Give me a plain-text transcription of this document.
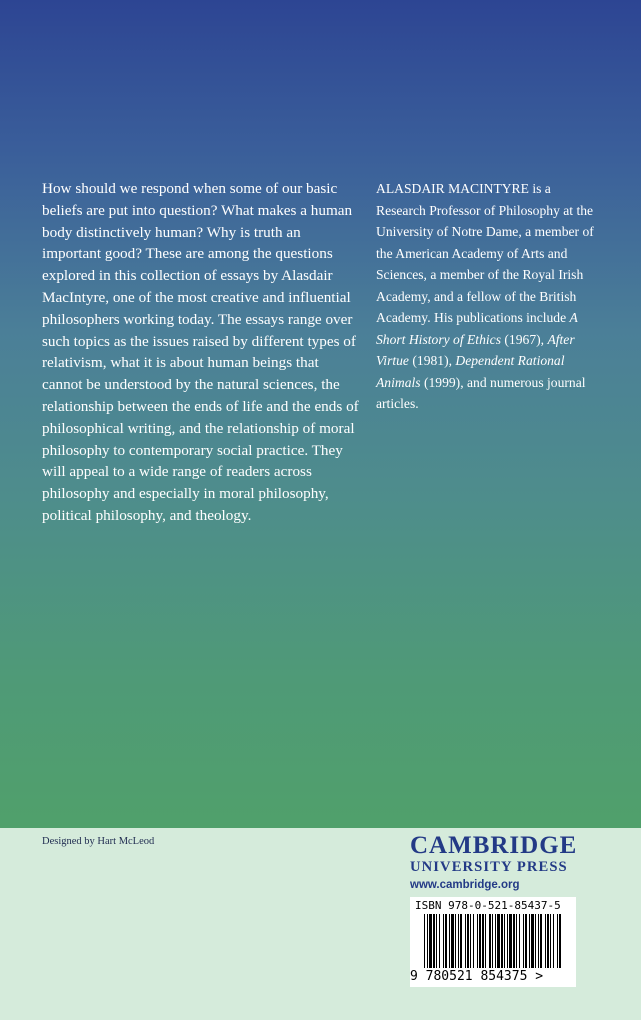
How should we respond when some of our basic beliefs are put into question? What makes a human body distinctively human? Why is truth an important good? These are among the questions explored in this collection of essays by Alasdair MacIntyre, one of the most creative and influential philosophers working today. The essays range over such topics as the issues raised by different types of relativism, what it is about human beings that cannot be understood by the natural sciences, the relationship between the ends of life and the ends of philosophical writing, and the relationship of moral philosophy to contemporary social practice. They will appeal to a wide range of readers across philosophy and especially in moral philosophy, political philosophy, and theology.

ALASDAIR MACINTYRE is a Research Professor of Philosophy at the University of Notre Dame, a member of the American Academy of Arts and Sciences, a member of the Royal Irish Academy, and a fellow of the British Academy. His publications include A Short History of Ethics (1967), After Virtue (1981), Dependent Rational Animals (1999), and numerous journal articles.

Designed by Hart McLeod	CAMBRIDGE
UNIVERSITY PRESS
www.cambridge.org
ISBN 978-0-521-85437-5
9 780521 854375 >
